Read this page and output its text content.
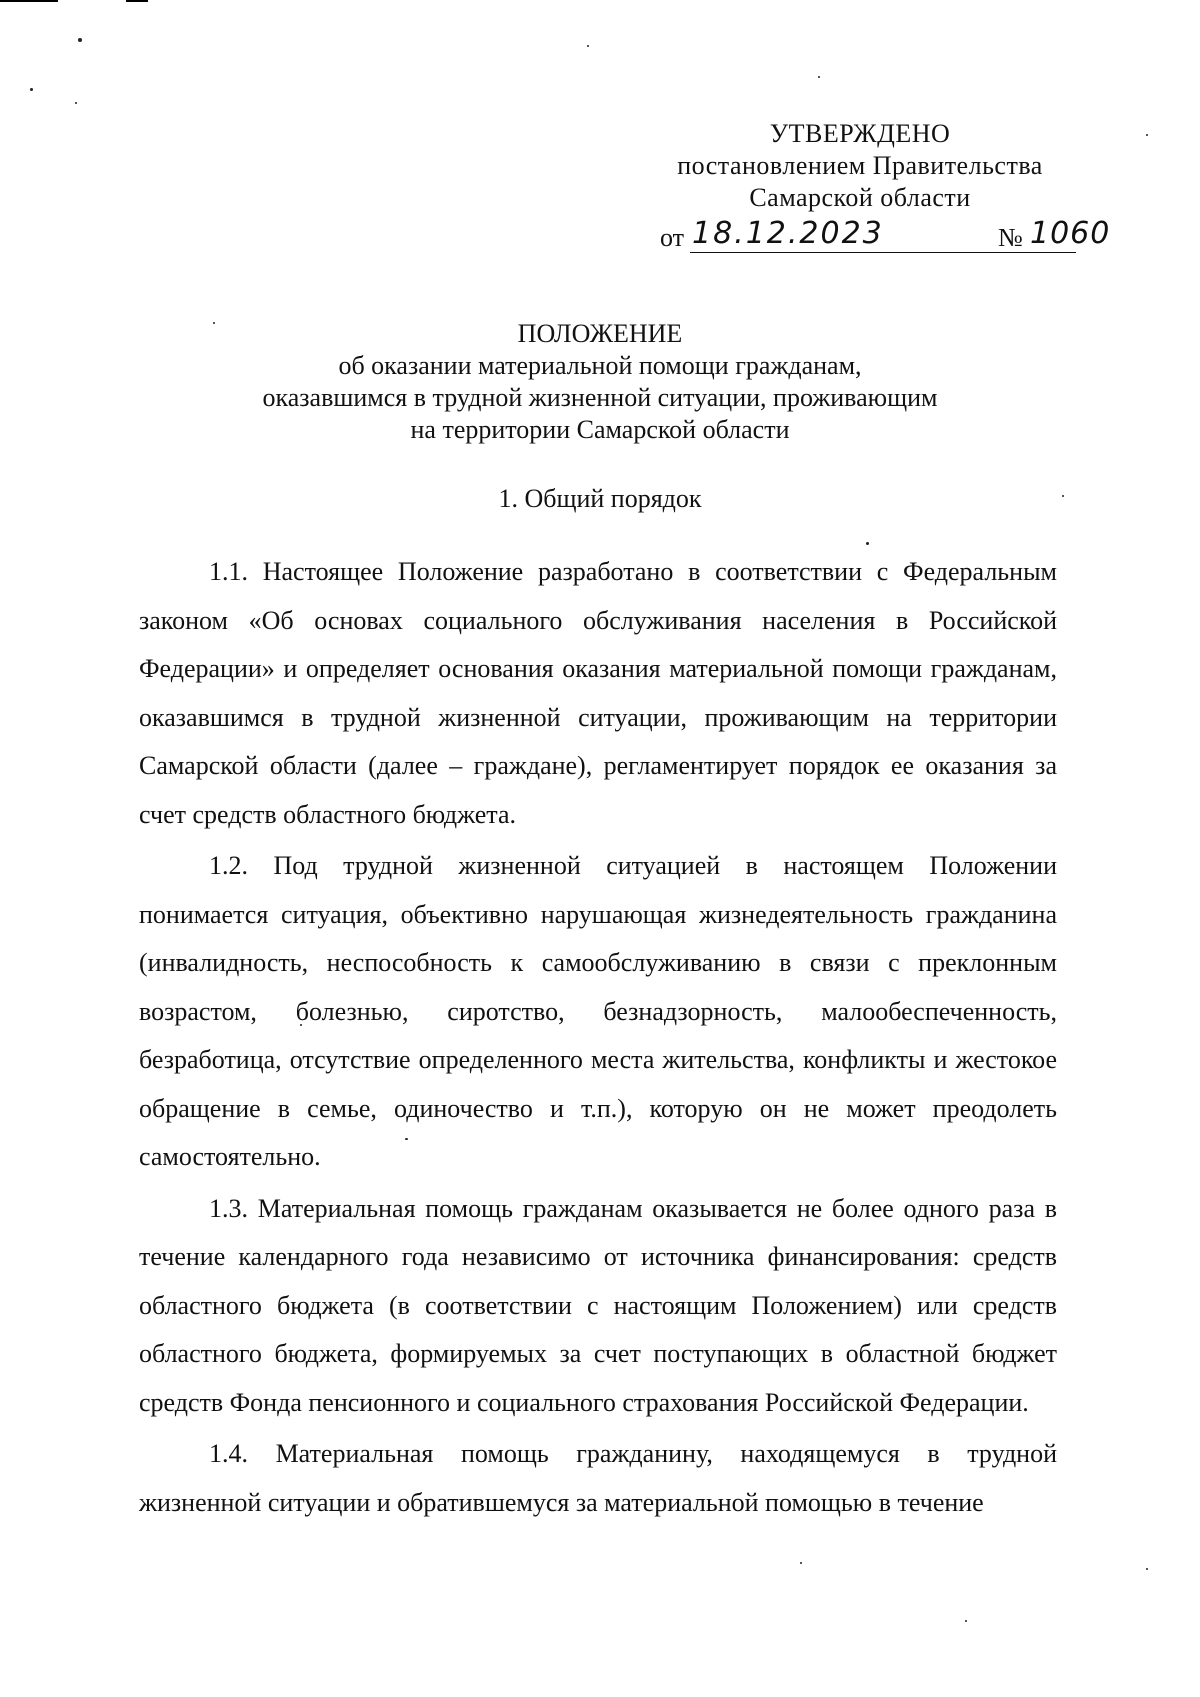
УТВЕРЖДЕНО
постановлением Правительства
Самарской области
от 18.12.2023	№ 1060
ПОЛОЖЕНИЕ
об оказании материальной помощи гражданам,
оказавшимся в трудной жизненной ситуации, проживающим
на территории Самарской области
1. Общий порядок

1.1. Настоящее Положение разработано в соответствии с Федеральным законом «Об основах социального обслуживания населения в Российской Федерации» и определяет основания оказания материальной помощи гражданам, оказавшимся в трудной жизненной ситуации, проживающим на территории Самарской области (далее – граждане), регламентирует порядок ее оказания за счет средств областного бюджета.

1.2. Под трудной жизненной ситуацией в настоящем Положении понимается ситуация, объективно нарушающая жизнедеятельность гражданина (инвалидность, неспособность к самообслуживанию в связи с преклонным возрастом, болезнью, сиротство, безнадзорность, малообеспеченность, безработица, отсутствие определенного места жительства, конфликты и жестокое обращение в семье, одиночество и т.п.), которую он не может преодолеть самостоятельно.

1.3. Материальная помощь гражданам оказывается не более одного раза в течение календарного года независимо от источника финансирования: средств областного бюджета (в соответствии с настоящим Положением) или средств областного бюджета, формируемых за счет поступающих в областной бюджет средств Фонда пенсионного и социального страхования Российской Федерации.

1.4. Материальная помощь гражданину, находящемуся в трудной жизненной ситуации и обратившемуся за материальной помощью в течение
